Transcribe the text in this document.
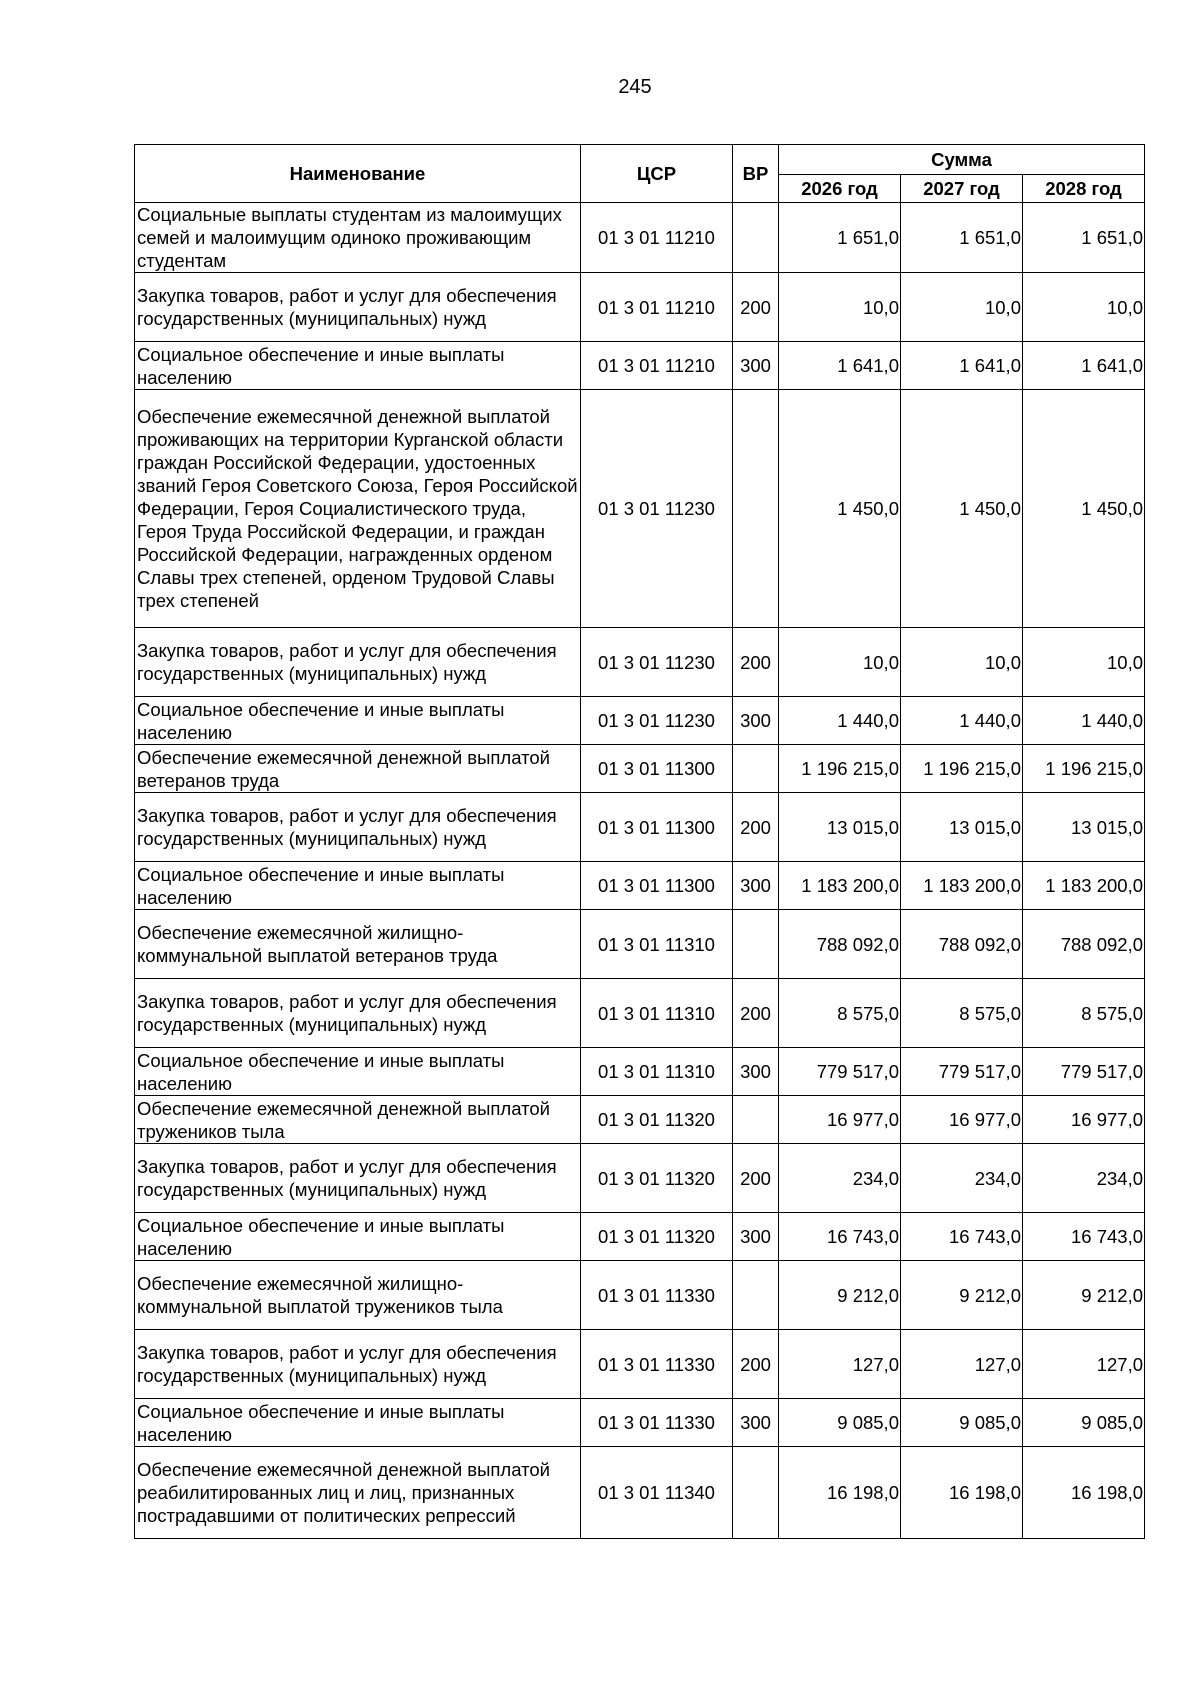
245
Наименование	ЦСР	ВР	Сумма		
			2026 год	2027 год	2028 год
Социальные выплаты студентам из малоимущих семей и малоимущим одиноко проживающим студентам	01 3 01 11210		1 651,0	1 651,0	1 651,0
Закупка товаров, работ и услуг для обеспечения государственных (муниципальных) нужд	01 3 01 11210	200	10,0	10,0	10,0
Социальное обеспечение и иные выплаты населению	01 3 01 11210	300	1 641,0	1 641,0	1 641,0
Обеспечение ежемесячной денежной выплатой проживающих на территории Курганской области граждан Российской Федерации, удостоенных званий Героя Советского Союза, Героя Российской Федерации, Героя Социалистического труда, Героя Труда Российской Федерации, и граждан Российской Федерации, награжденных орденом Славы трех степеней, орденом Трудовой Славы трех степеней	01 3 01 11230		1 450,0	1 450,0	1 450,0
Закупка товаров, работ и услуг для обеспечения государственных (муниципальных) нужд	01 3 01 11230	200	10,0	10,0	10,0
Социальное обеспечение и иные выплаты населению	01 3 01 11230	300	1 440,0	1 440,0	1 440,0
Обеспечение ежемесячной денежной выплатой ветеранов труда	01 3 01 11300		1 196 215,0	1 196 215,0	1 196 215,0
Закупка товаров, работ и услуг для обеспечения государственных (муниципальных) нужд	01 3 01 11300	200	13 015,0	13 015,0	13 015,0
Социальное обеспечение и иные выплаты населению	01 3 01 11300	300	1 183 200,0	1 183 200,0	1 183 200,0
Обеспечение ежемесячной жилищно-коммунальной выплатой ветеранов труда	01 3 01 11310		788 092,0	788 092,0	788 092,0
Закупка товаров, работ и услуг для обеспечения государственных (муниципальных) нужд	01 3 01 11310	200	8 575,0	8 575,0	8 575,0
Социальное обеспечение и иные выплаты населению	01 3 01 11310	300	779 517,0	779 517,0	779 517,0
Обеспечение ежемесячной денежной выплатой тружеников тыла	01 3 01 11320		16 977,0	16 977,0	16 977,0
Закупка товаров, работ и услуг для обеспечения государственных (муниципальных) нужд	01 3 01 11320	200	234,0	234,0	234,0
Социальное обеспечение и иные выплаты населению	01 3 01 11320	300	16 743,0	16 743,0	16 743,0
Обеспечение ежемесячной жилищно-коммунальной выплатой тружеников тыла	01 3 01 11330		9 212,0	9 212,0	9 212,0
Закупка товаров, работ и услуг для обеспечения государственных (муниципальных) нужд	01 3 01 11330	200	127,0	127,0	127,0
Социальное обеспечение и иные выплаты населению	01 3 01 11330	300	9 085,0	9 085,0	9 085,0
Обеспечение ежемесячной денежной выплатой реабилитированных лиц и лиц, признанных пострадавшими от политических репрессий	01 3 01 11340		16 198,0	16 198,0	16 198,0
